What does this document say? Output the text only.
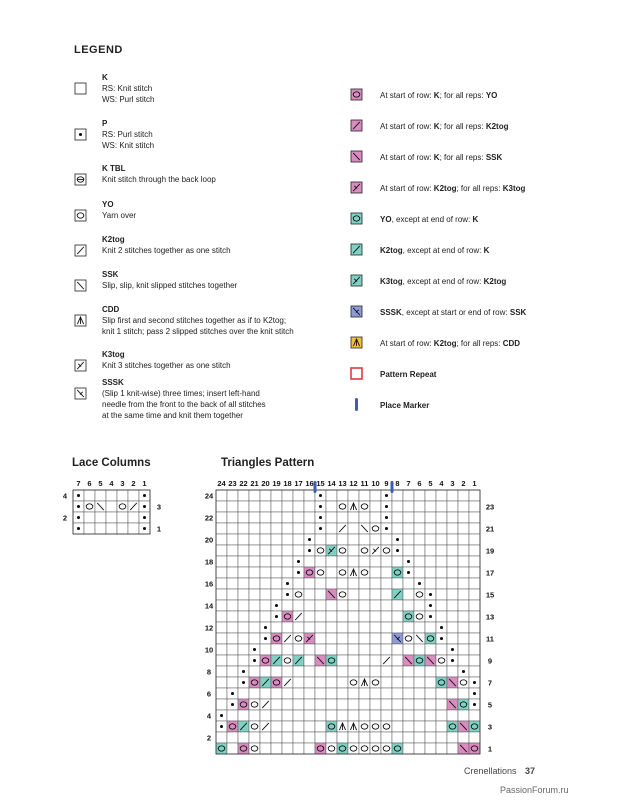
LEGEND
K
RS: Knit stitch
WS: Purl stitch
P
RS: Purl stitch
WS: Knit stitch
K TBL
Knit stitch through the back loop
YO
Yarn over
K2tog
Knit 2 stitches together as one stitch
SSK
Slip, slip, knit slipped stitches together
CDD
Slip first and second stitches together as if to K2tog;
knit 1 stitch; pass 2 slipped stitches over the knit stitch
K3tog
Knit 3 stitches together as one stitch
SSSK
(Slip 1 knit-wise) three times; insert left-hand
needle from the front to the back of all stitches
at the same time and knit them together
At start of row: K; for all reps: YO
At start of row: K; for all reps: K2tog
At start of row: K; for all reps: SSK
At start of row: K2tog; for all reps: K3tog
YO, except at end of row: K
K2tog, except at end of row: K
K3tog, except at end of row: K2tog
SSSK, except at start or end of row: SSK
At start of row: K2tog; for all reps: CDD
Pattern Repeat
Place Marker
Lace Columns	Triangles Pattern
7 6 5 4 3 2 1
4
2
3
1
24 23 22 21 20 19 18 17 16 15 14 13 12 11 10 9 8 7 6 5 4 3 2 1
24
22
20
18
16
14
12
10
8
6
4
2
23
21
19
17
15
13
11
9
7
5
3
1
Crenellations 37
PassionForum.ru
